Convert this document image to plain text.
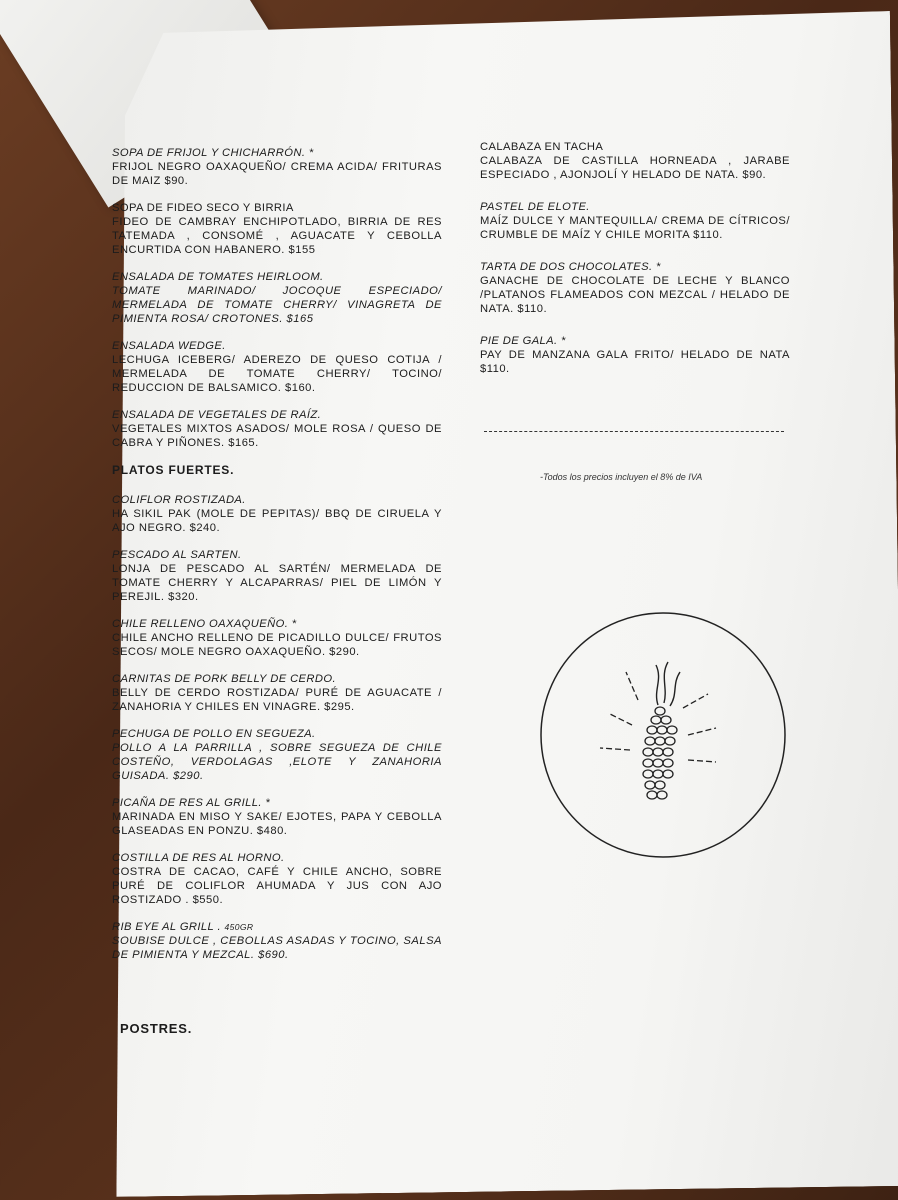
SOPA DE FRIJOL Y CHICHARRÓN. *
FRIJOL NEGRO OAXAQUEÑO/ CREMA ACIDA/ FRITURAS DE MAIZ $90.
SOPA DE FIDEO SECO Y BIRRIA
FIDEO DE CAMBRAY ENCHIPOTLADO, BIRRIA DE RES TATEMADA , CONSOMÉ , AGUACATE Y CEBOLLA ENCURTIDA CON HABANERO. $155
ENSALADA DE TOMATES HEIRLOOM.
TOMATE MARINADO/ JOCOQUE ESPECIADO/ MERMELADA DE TOMATE CHERRY/ VINAGRETA DE PIMIENTA ROSA/ CROTONES. $165
ENSALADA WEDGE.
LECHUGA ICEBERG/ ADEREZO DE QUESO COTIJA / MERMELADA DE TOMATE CHERRY/ TOCINO/ REDUCCION DE BALSAMICO. $160.
ENSALADA DE VEGETALES DE RAÍZ.
VEGETALES MIXTOS ASADOS/ MOLE ROSA / QUESO DE CABRA Y PIÑONES. $165.
PLATOS FUERTES.
COLIFLOR ROSTIZADA.
HA SIKIL PAK (MOLE DE PEPITAS)/ BBQ DE CIRUELA Y AJO NEGRO. $240.
PESCADO AL SARTEN.
LONJA DE PESCADO AL SARTÉN/ MERMELADA DE TOMATE CHERRY Y ALCAPARRAS/ PIEL DE LIMÓN Y PEREJIL. $320.
CHILE RELLENO OAXAQUEÑO. *
CHILE ANCHO RELLENO DE PICADILLO DULCE/ FRUTOS SECOS/ MOLE NEGRO OAXAQUEÑO. $290.
CARNITAS DE PORK BELLY DE CERDO.
BELLY DE CERDO ROSTIZADA/ PURÉ DE AGUACATE / ZANAHORIA Y CHILES EN VINAGRE. $295.
PECHUGA DE POLLO EN SEGUEZA.
POLLO A LA PARRILLA , SOBRE SEGUEZA DE CHILE COSTEÑO, VERDOLAGAS ,ELOTE Y ZANAHORIA GUISADA. $290.
PICAÑA DE RES AL GRILL. *
MARINADA EN MISO Y SAKE/ EJOTES, PAPA Y CEBOLLA GLASEADAS EN PONZU. $480.
COSTILLA DE RES AL HORNO.
COSTRA DE CACAO, CAFÉ Y CHILE ANCHO, SOBRE PURÉ DE COLIFLOR AHUMADA Y JUS CON AJO ROSTIZADO . $550.
RIB EYE AL GRILL . 450GR
SOUBISE DULCE , CEBOLLAS ASADAS Y TOCINO, SALSA DE PIMIENTA Y MEZCAL. $690.
POSTRES.
CALABAZA EN TACHA
CALABAZA DE CASTILLA HORNEADA , JARABE ESPECIADO , AJONJOLÍ Y HELADO DE NATA. $90.
PASTEL DE ELOTE.
MAÍZ DULCE Y MANTEQUILLA/ CREMA DE CÍTRICOS/ CRUMBLE DE MAÍZ Y CHILE MORITA $110.
TARTA DE DOS CHOCOLATES. *
GANACHE DE CHOCOLATE DE LECHE Y BLANCO /PLATANOS FLAMEADOS CON MEZCAL / HELADO DE NATA. $110.
PIE DE GALA. *
PAY DE MANZANA GALA FRITO/ HELADO DE NATA $110.
-Todos los precios incluyen el 8% de IVA
